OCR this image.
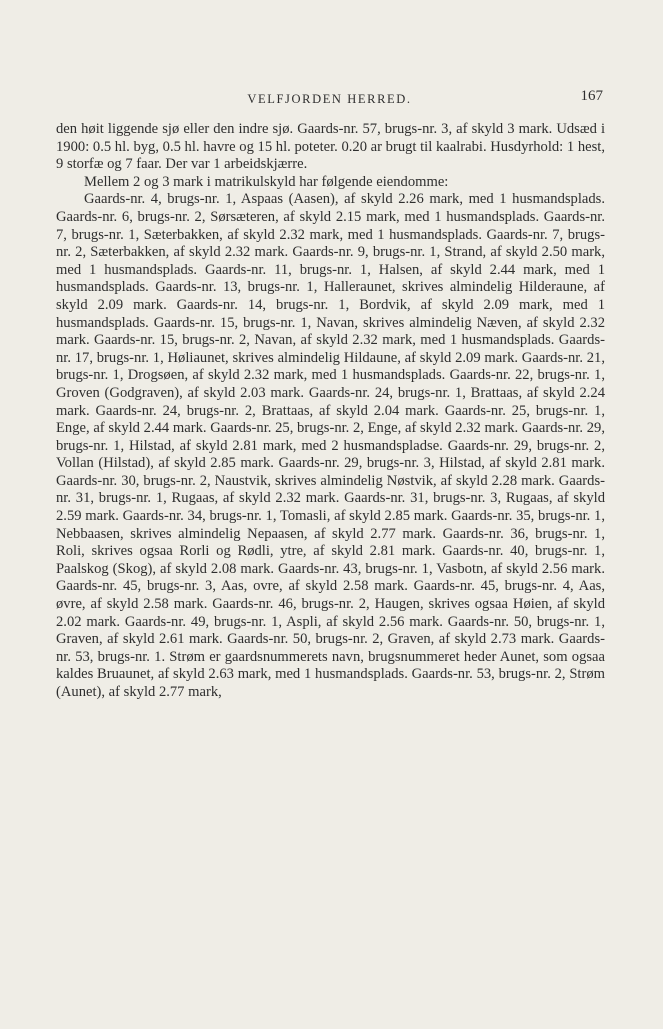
VELFJORDEN HERRED.	167

den høit liggende sjø eller den indre sjø. Gaards-nr. 57, brugs-nr. 3, af skyld 3 mark. Udsæd i 1900: 0.5 hl. byg, 0.5 hl. havre og 15 hl. poteter. 0.20 ar brugt til kaalrabi. Husdyrhold: 1 hest, 9 storfæ og 7 faar. Der var 1 arbeidskjærre.

Mellem 2 og 3 mark i matrikulskyld har følgende eiendomme:

Gaards-nr. 4, brugs-nr. 1, Aspaas (Aasen), af skyld 2.26 mark, med 1 husmandsplads. Gaards-nr. 6, brugs-nr. 2, Sørsæteren, af skyld 2.15 mark, med 1 husmandsplads. Gaards-nr. 7, brugs-nr. 1, Sæterbakken, af skyld 2.32 mark, med 1 husmandsplads. Gaards-nr. 7, brugs-nr. 2, Sæterbakken, af skyld 2.32 mark. Gaards-nr. 9, brugs-nr. 1, Strand, af skyld 2.50 mark, med 1 husmandsplads. Gaards-nr. 11, brugs-nr. 1, Halsen, af skyld 2.44 mark, med 1 husmandsplads. Gaards-nr. 13, brugs-nr. 1, Halleraunet, skrives almindelig Hilderaune, af skyld 2.09 mark. Gaards-nr. 14, brugs-nr. 1, Bordvik, af skyld 2.09 mark, med 1 husmandsplads. Gaards-nr. 15, brugs-nr. 1, Navan, skrives almindelig Næven, af skyld 2.32 mark. Gaards-nr. 15, brugs-nr. 2, Navan, af skyld 2.32 mark, med 1 husmandsplads. Gaards-nr. 17, brugs-nr. 1, Høliaunet, skrives almindelig Hildaune, af skyld 2.09 mark. Gaards-nr. 21, brugs-nr. 1, Drogsøen, af skyld 2.32 mark, med 1 husmandsplads. Gaards-nr. 22, brugs-nr. 1, Groven (Godgraven), af skyld 2.03 mark. Gaards-nr. 24, brugs-nr. 1, Brattaas, af skyld 2.24 mark. Gaards-nr. 24, brugs-nr. 2, Brattaas, af skyld 2.04 mark. Gaards-nr. 25, brugs-nr. 1, Enge, af skyld 2.44 mark. Gaards-nr. 25, brugs-nr. 2, Enge, af skyld 2.32 mark. Gaards-nr. 29, brugs-nr. 1, Hilstad, af skyld 2.81 mark, med 2 husmandspladse. Gaards-nr. 29, brugs-nr. 2, Vollan (Hilstad), af skyld 2.85 mark. Gaards-nr. 29, brugs-nr. 3, Hilstad, af skyld 2.81 mark. Gaards-nr. 30, brugs-nr. 2, Naustvik, skrives almindelig Nøstvik, af skyld 2.28 mark. Gaards-nr. 31, brugs-nr. 1, Rugaas, af skyld 2.32 mark. Gaards-nr. 31, brugs-nr. 3, Rugaas, af skyld 2.59 mark. Gaards-nr. 34, brugs-nr. 1, Tomasli, af skyld 2.85 mark. Gaards-nr. 35, brugs-nr. 1, Nebbaasen, skrives almindelig Nepaasen, af skyld 2.77 mark. Gaards-nr. 36, brugs-nr. 1, Roli, skrives ogsaa Rorli og Rødli, ytre, af skyld 2.81 mark. Gaards-nr. 40, brugs-nr. 1, Paalskog (Skog), af skyld 2.08 mark. Gaards-nr. 43, brugs-nr. 1, Vasbotn, af skyld 2.56 mark. Gaards-nr. 45, brugs-nr. 3, Aas, ovre, af skyld 2.58 mark. Gaards-nr. 45, brugs-nr. 4, Aas, øvre, af skyld 2.58 mark. Gaards-nr. 46, brugs-nr. 2, Haugen, skrives ogsaa Høien, af skyld 2.02 mark. Gaards-nr. 49, brugs-nr. 1, Aspli, af skyld 2.56 mark. Gaards-nr. 50, brugs-nr. 1, Graven, af skyld 2.61 mark. Gaards-nr. 50, brugs-nr. 2, Graven, af skyld 2.73 mark. Gaards-nr. 53, brugs-nr. 1. Strøm er gaardsnummerets navn, brugsnummeret heder Aunet, som ogsaa kaldes Bruaunet, af skyld 2.63 mark, med 1 husmandsplads. Gaards-nr. 53, brugs-nr. 2, Strøm (Aunet), af skyld 2.77 mark,
